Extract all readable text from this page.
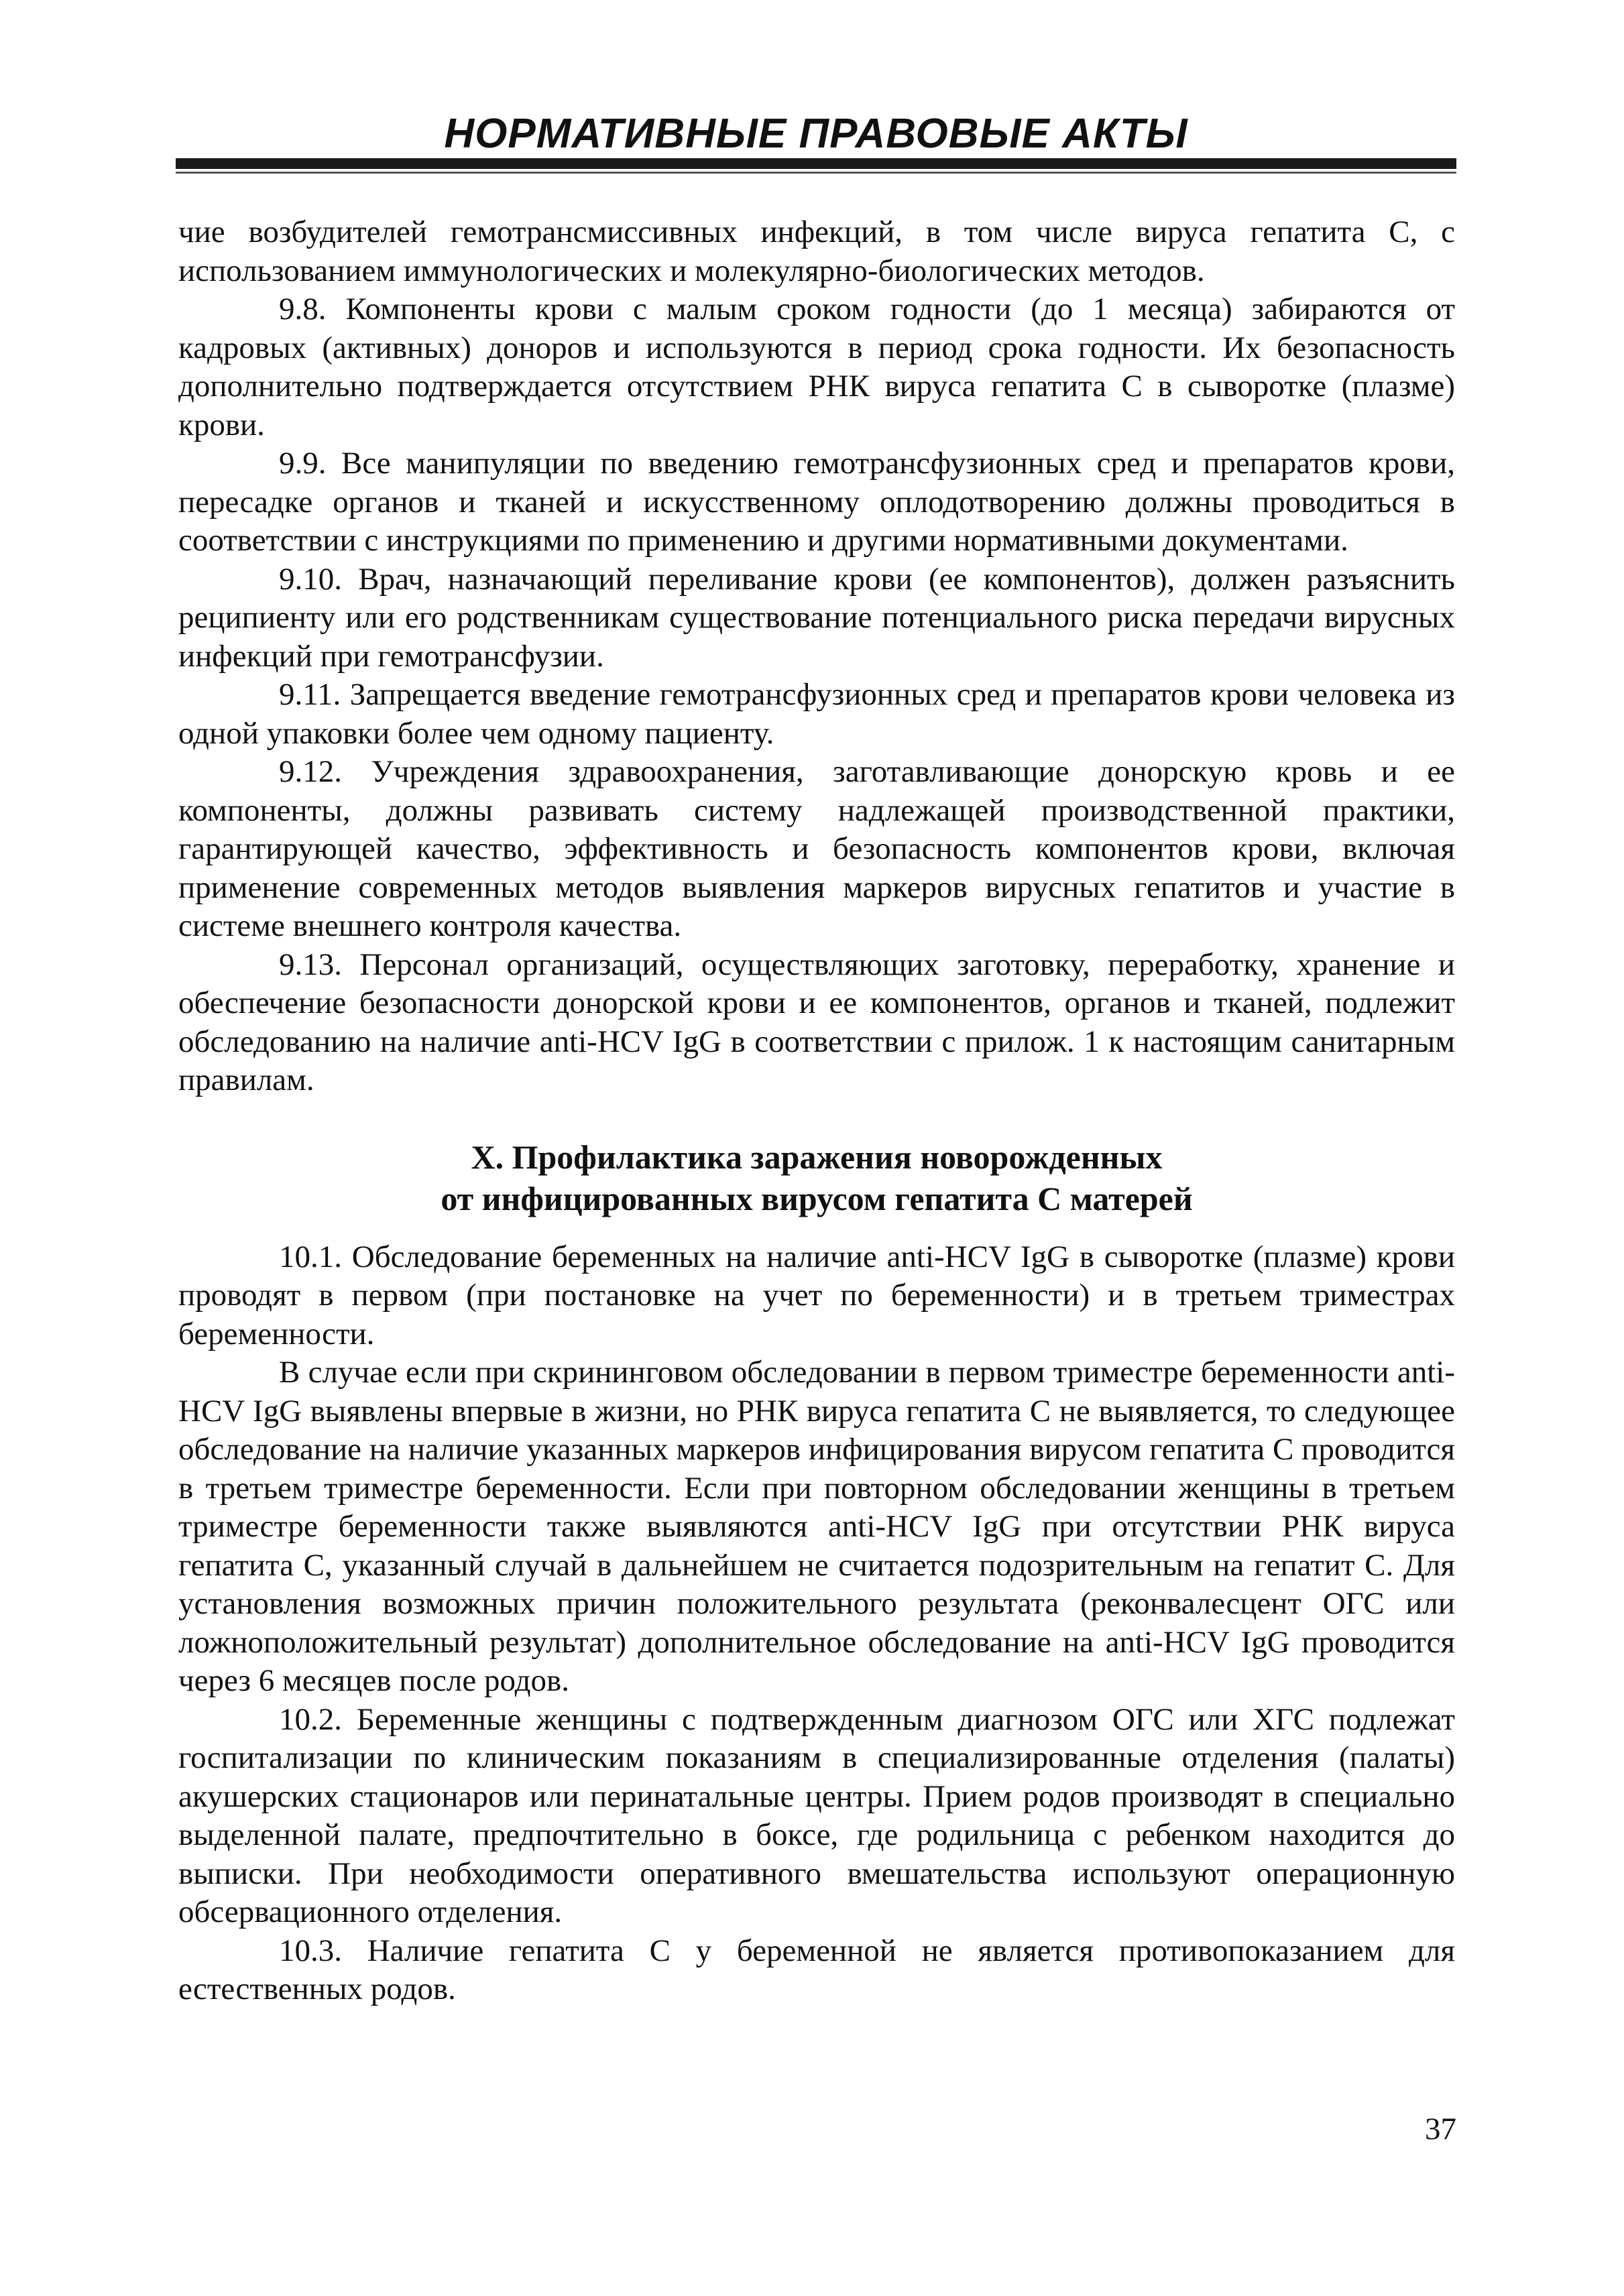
НОРМАТИВНЫЕ ПРАВОВЫЕ АКТЫ

чие возбудителей гемотрансмиссивных инфекций, в том числе вируса гепатита С, с использованием иммунологических и молекулярно-биологических методов.

9.8. Компоненты крови с малым сроком годности (до 1 месяца) забираются от кадровых (активных) доноров и используются в период срока годности. Их безопасность дополнительно подтверждается отсутствием РНК вируса гепатита С в сыворотке (плазме) крови.

9.9. Все манипуляции по введению гемотрансфузионных сред и препаратов крови, пересадке органов и тканей и искусственному оплодотворению должны проводиться в соответствии с инструкциями по применению и другими нормативными документами.

9.10. Врач, назначающий переливание крови (ее компонентов), должен разъяснить реципиенту или его родственникам существование потенциального риска передачи вирусных инфекций при гемотрансфузии.

9.11. Запрещается введение гемотрансфузионных сред и препаратов крови человека из одной упаковки более чем одному пациенту.

9.12. Учреждения здравоохранения, заготавливающие донорскую кровь и ее компоненты, должны развивать систему надлежащей производственной практики, гарантирующей качество, эффективность и безопасность компонентов крови, включая применение современных методов выявления маркеров вирусных гепатитов и участие в системе внешнего контроля качества.

9.13. Персонал организаций, осуществляющих заготовку, переработку, хранение и обеспечение безопасности донорской крови и ее компонентов, органов и тканей, подлежит обследованию на наличие anti-HCV IgG в соответствии с прилож. 1 к настоящим санитарным правилам.

X. Профилактика заражения новорожденных
от инфицированных вирусом гепатита С матерей

10.1. Обследование беременных на наличие anti-HCV IgG в сыворотке (плазме) крови проводят в первом (при постановке на учет по беременности) и в третьем триместрах беременности.

В случае если при скрининговом обследовании в первом триместре беременности anti-HCV IgG выявлены впервые в жизни, но РНК вируса гепатита С не выявляется, то следующее обследование на наличие указанных маркеров инфицирования вирусом гепатита С проводится в третьем триместре беременности. Если при повторном обследовании женщины в третьем триместре беременности также выявляются anti-HCV IgG при отсутствии РНК вируса гепатита С, указанный случай в дальнейшем не считается подозрительным на гепатит С. Для установления возможных причин положительного результата (реконвалесцент ОГС или ложноположительный результат) дополнительное обследование на anti-HCV IgG проводится через 6 месяцев после родов.

10.2. Беременные женщины с подтвержденным диагнозом ОГС или ХГС подлежат госпитализации по клиническим показаниям в специализированные отделения (палаты) акушерских стационаров или перинатальные центры. Прием родов производят в специально выделенной палате, предпочтительно в боксе, где родильница с ребенком находится до выписки. При необходимости оперативного вмешательства используют операционную обсервационного отделения.

10.3. Наличие гепатита С у беременной не является противопоказанием для естественных родов.

37
